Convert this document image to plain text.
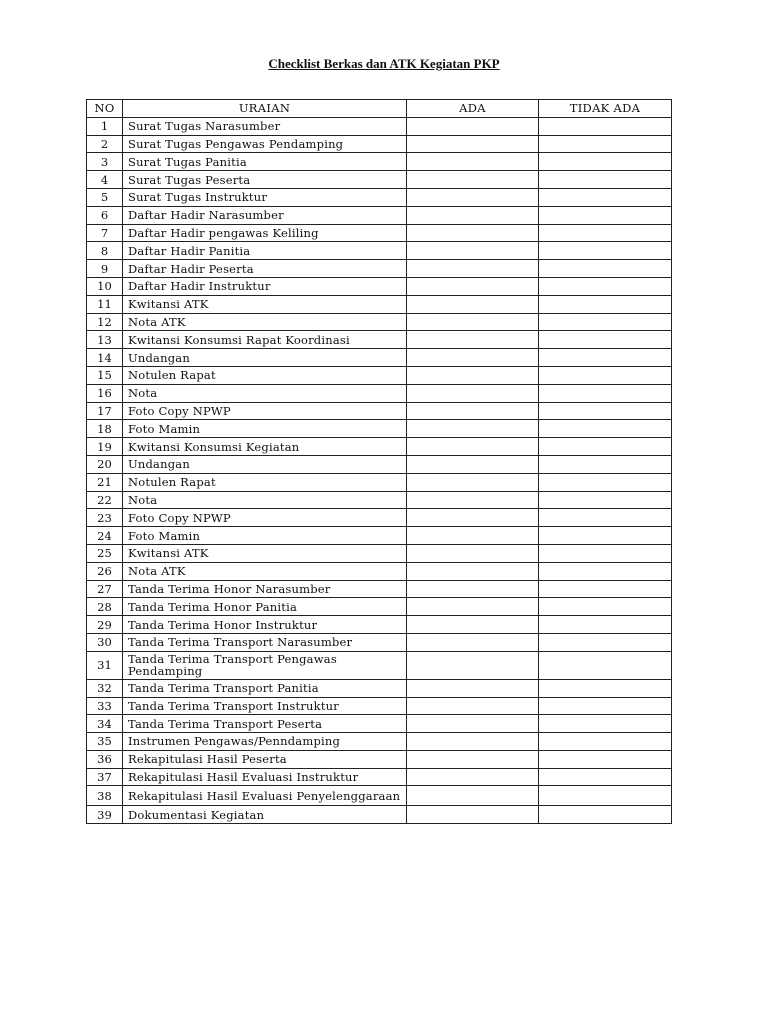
Checklist Berkas dan ATK Kegiatan PKP
NO	URAIAN	ADA	TIDAK ADA
1	Surat Tugas Narasumber		
2	Surat Tugas Pengawas Pendamping		
3	Surat Tugas Panitia		
4	Surat Tugas Peserta		
5	Surat Tugas Instruktur		
6	Daftar Hadir Narasumber		
7	Daftar Hadir pengawas Keliling		
8	Daftar Hadir Panitia		
9	Daftar Hadir Peserta		
10	Daftar Hadir Instruktur		
11	Kwitansi ATK		
12	Nota ATK		
13	Kwitansi Konsumsi Rapat Koordinasi		
14	Undangan		
15	Notulen Rapat		
16	Nota		
17	Foto Copy NPWP		
18	Foto Mamin		
19	Kwitansi Konsumsi Kegiatan		
20	Undangan		
21	Notulen Rapat		
22	Nota		
23	Foto Copy NPWP		
24	Foto Mamin		
25	Kwitansi ATK		
26	Nota ATK		
27	Tanda Terima Honor Narasumber		
28	Tanda Terima Honor Panitia		
29	Tanda Terima Honor Instruktur		
30	Tanda Terima Transport Narasumber		
31	Tanda Terima Transport Pengawas Pendamping		
32	Tanda Terima Transport Panitia		
33	Tanda Terima Transport Instruktur		
34	Tanda Terima Transport Peserta		
35	Instrumen Pengawas/Penndamping		
36	Rekapitulasi Hasil Peserta		
37	Rekapitulasi Hasil Evaluasi Instruktur		
38	Rekapitulasi Hasil Evaluasi Penyelenggaraan		
39	Dokumentasi Kegiatan		
